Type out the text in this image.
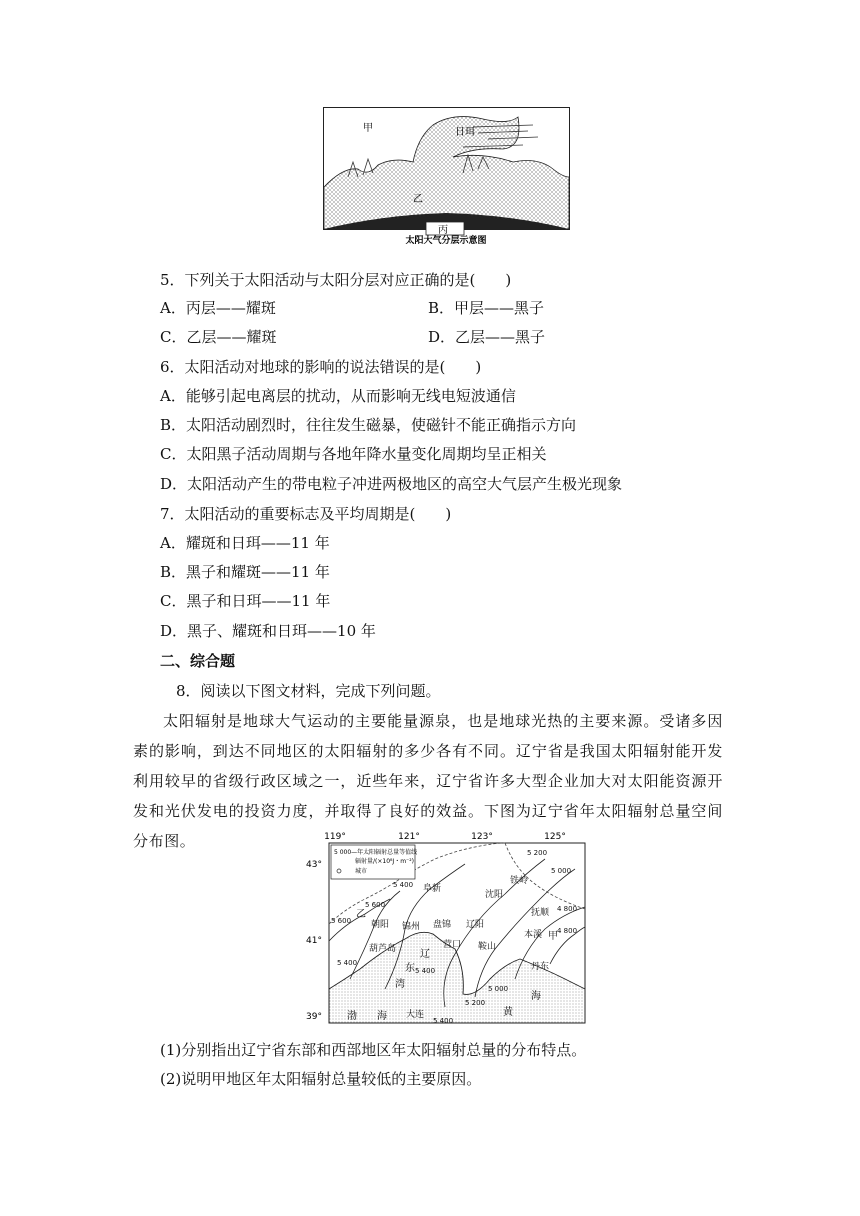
甲	日珥
乙
丙
太阳大气分层示意图
5．下列关于太阳活动与太阳分层对应正确的是(　　)
A．丙层——耀斑	B．甲层——黑子
C．乙层——耀斑	D．乙层——黑子
6．太阳活动对地球的影响的说法错误的是(　　)
A．能够引起电离层的扰动，从而影响无线电短波通信
B．太阳活动剧烈时，往往发生磁暴，使磁针不能正确指示方向
C．太阳黑子活动周期与各地年降水量变化周期均呈正相关
D．太阳活动产生的带电粒子冲进两极地区的高空大气层产生极光现象
7．太阳活动的重要标志及平均周期是(　　)
A．耀斑和日珥——11 年
B．黑子和耀斑——11 年
C．黑子和日珥——11 年
D．黑子、耀斑和日珥——10 年
二、综合题
8．阅读以下图文材料，完成下列问题。
太阳辐射是地球大气运动的主要能量源泉，也是地球光热的主要来源。受诸多因素的影响，到达不同地区的太阳辐射的多少各有不同。辽宁省是我国太阳辐射能开发利用较早的省级行政区域之一，近些年来，辽宁省许多大型企业加大对太阳能资源开发和光伏发电的投资力度，并取得了良好的效益。下图为辽宁省年太阳辐射总量空间分布图。	119°	121°	123°	125°
43°
41°
39°
5 000—年太阳辐射总量等值线
辐射量/(×10⁸J・m⁻²)
城市
阜新
沈阳
铁岭
朝阳 锦州 盘锦 辽阳
抚顺
葫芦岛	营口 鞍山
本溪
丹东
大连
甲
乙
辽
东
湾
渤 海	黄
海
5 200
5 000
5 400
4 800
5 600
5 600
4 800
5 400
5 400
5 000
5 200
5 400
(1)分别指出辽宁省东部和西部地区年太阳辐射总量的分布特点。
(2)说明甲地区年太阳辐射总量较低的主要原因。
